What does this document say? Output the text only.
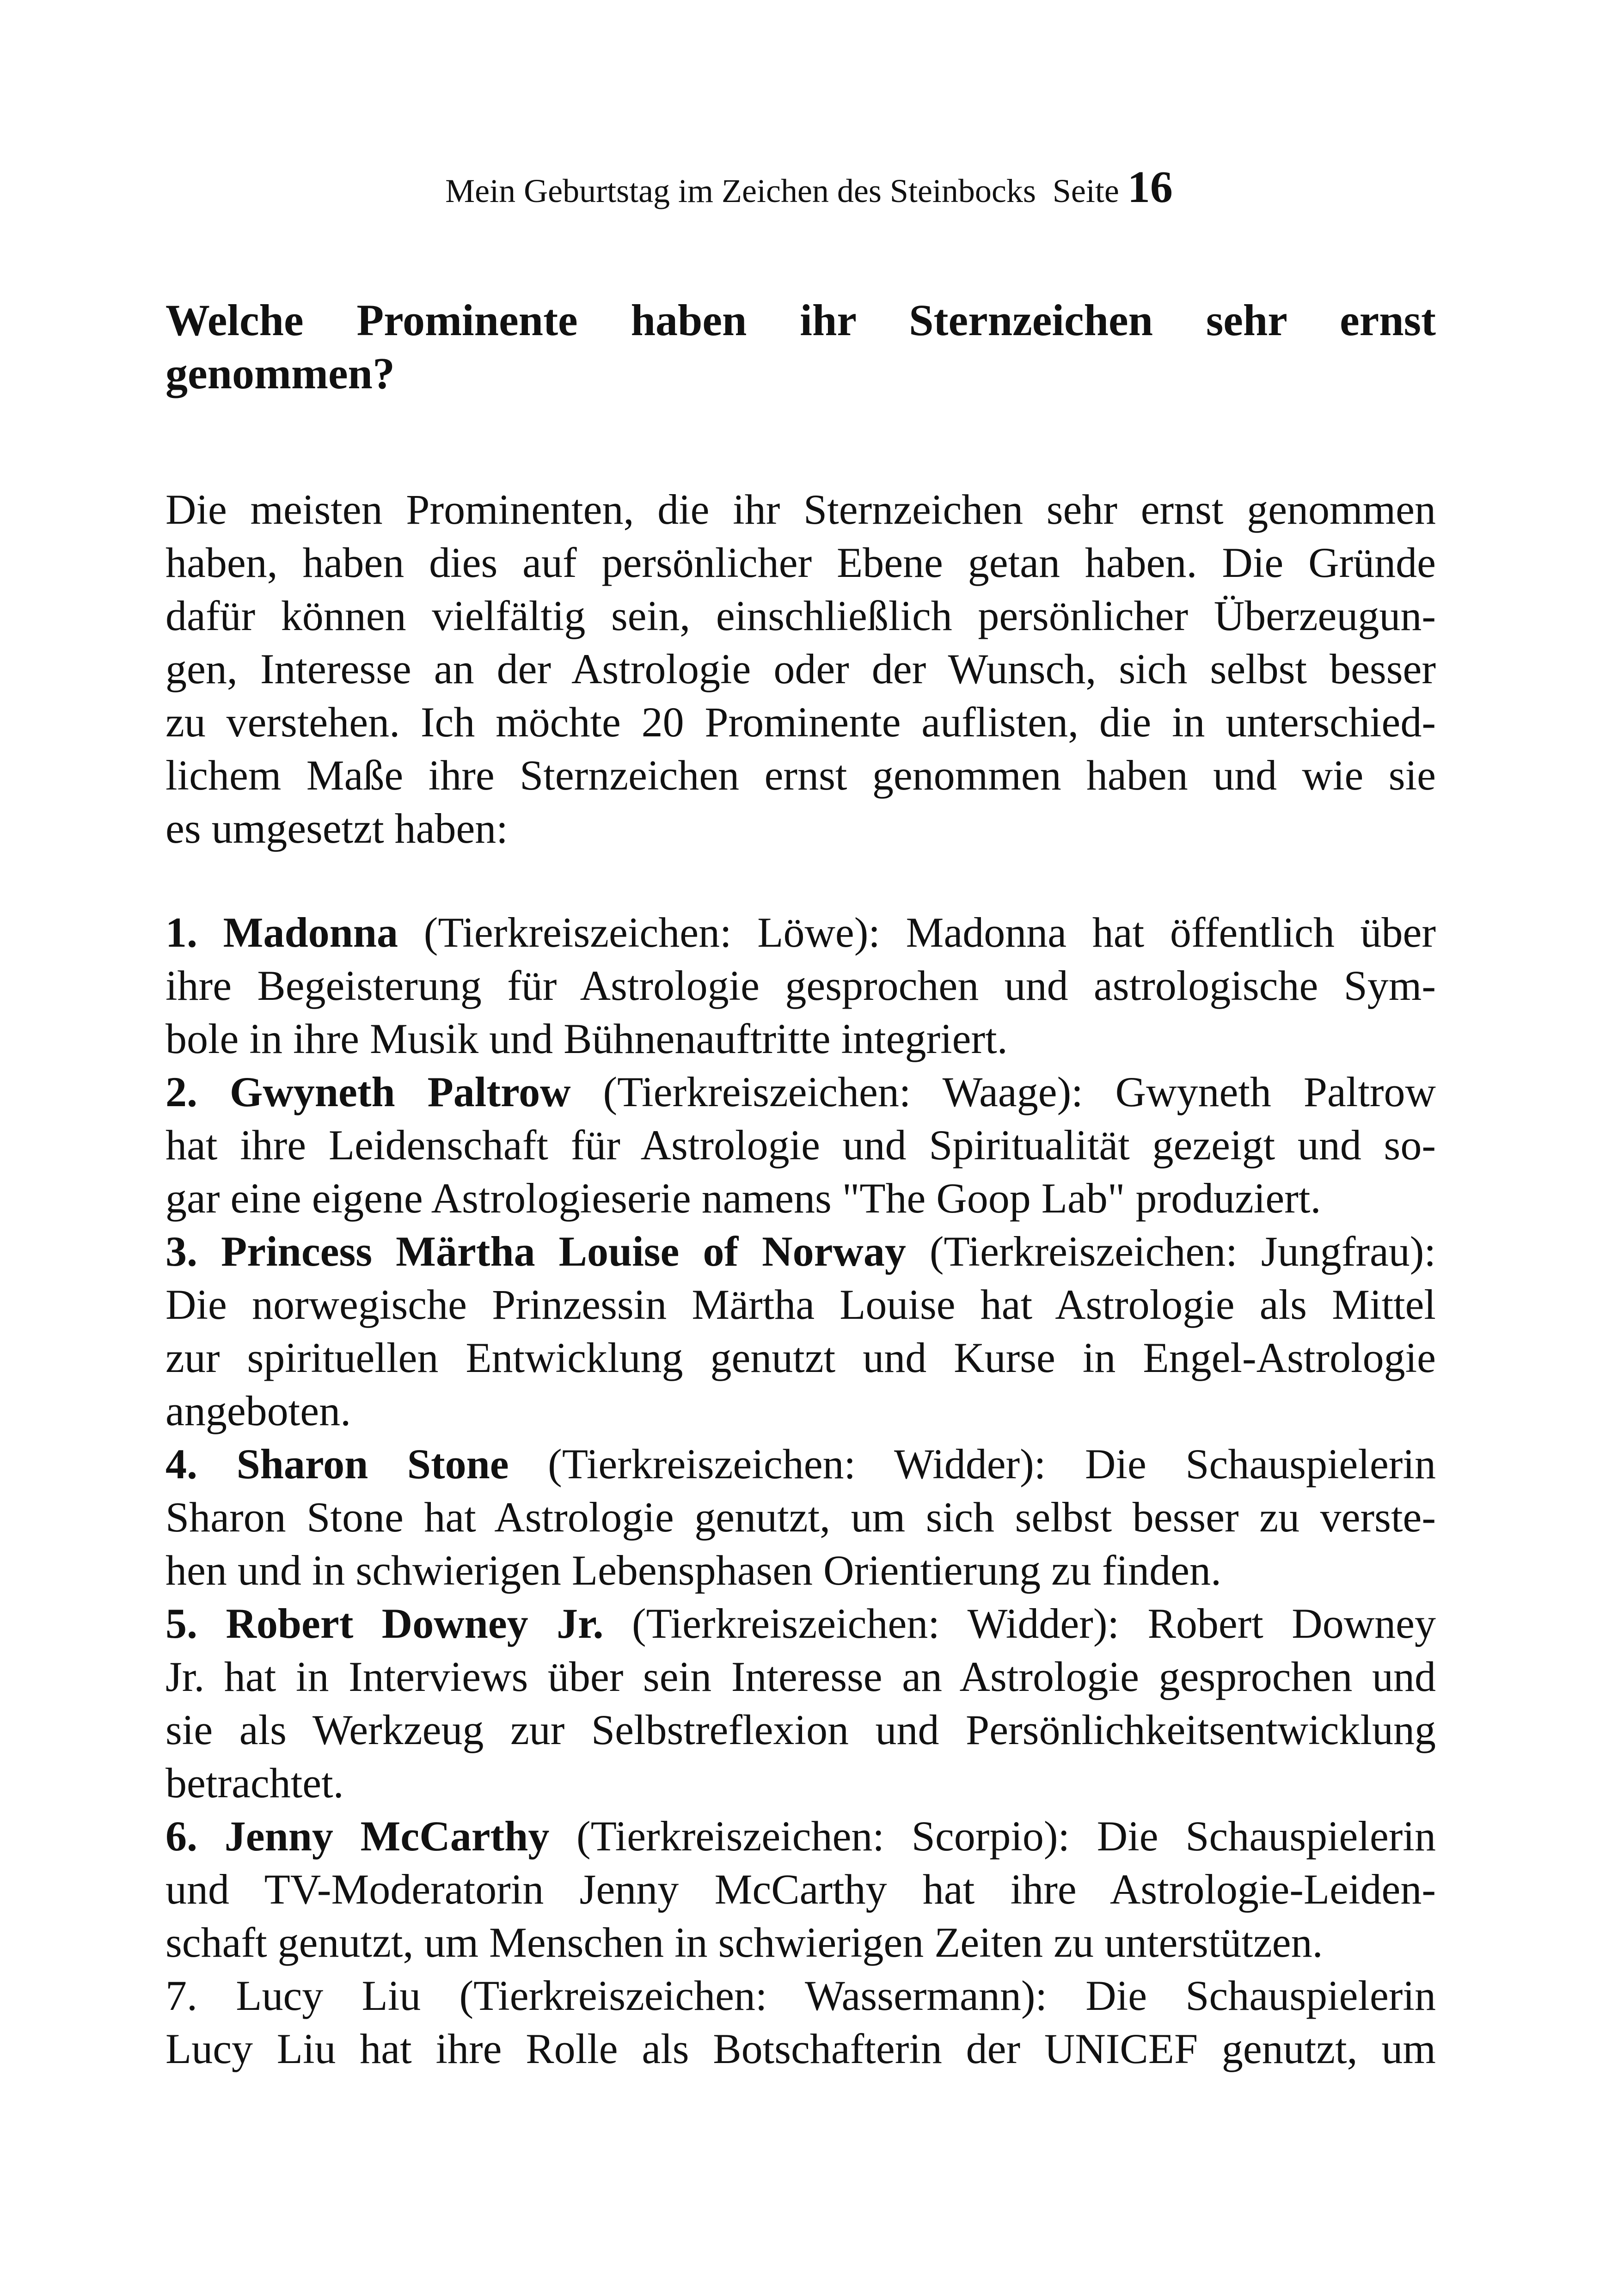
Mein Geburtstag im Zeichen des Steinbocks Seite 16
Welche Prominente haben ihr Sternzeichen sehr ernst
genommen?
Die meisten Prominenten, die ihr Sternzeichen sehr ernst genommen
haben, haben dies auf persönlicher Ebene getan haben. Die Gründe
dafür können vielfältig sein, einschließlich persönlicher Überzeugun-
gen, Interesse an der Astrologie oder der Wunsch, sich selbst besser
zu verstehen. Ich möchte 20 Prominente auflisten, die in unterschied-
lichem Maße ihre Sternzeichen ernst genommen haben und wie sie
es umgesetzt haben:
1. Madonna (Tierkreiszeichen: Löwe): Madonna hat öffentlich über
ihre Begeisterung für Astrologie gesprochen und astrologische Sym-
bole in ihre Musik und Bühnenauftritte integriert.
2. Gwyneth Paltrow (Tierkreiszeichen: Waage): Gwyneth Paltrow
hat ihre Leidenschaft für Astrologie und Spiritualität gezeigt und so-
gar eine eigene Astrologieserie namens "The Goop Lab" produziert.
3. Princess Märtha Louise of Norway (Tierkreiszeichen: Jungfrau):
Die norwegische Prinzessin Märtha Louise hat Astrologie als Mittel
zur spirituellen Entwicklung genutzt und Kurse in Engel-Astrologie
angeboten.
4. Sharon Stone (Tierkreiszeichen: Widder): Die Schauspielerin
Sharon Stone hat Astrologie genutzt, um sich selbst besser zu verste-
hen und in schwierigen Lebensphasen Orientierung zu finden.
5. Robert Downey Jr. (Tierkreiszeichen: Widder): Robert Downey
Jr. hat in Interviews über sein Interesse an Astrologie gesprochen und
sie als Werkzeug zur Selbstreflexion und Persönlichkeitsentwicklung
betrachtet.
6. Jenny McCarthy (Tierkreiszeichen: Scorpio): Die Schauspielerin
und TV-Moderatorin Jenny McCarthy hat ihre Astrologie-Leiden-
schaft genutzt, um Menschen in schwierigen Zeiten zu unterstützen.
7. Lucy Liu (Tierkreiszeichen: Wassermann): Die Schauspielerin
Lucy Liu hat ihre Rolle als Botschafterin der UNICEF genutzt, um
